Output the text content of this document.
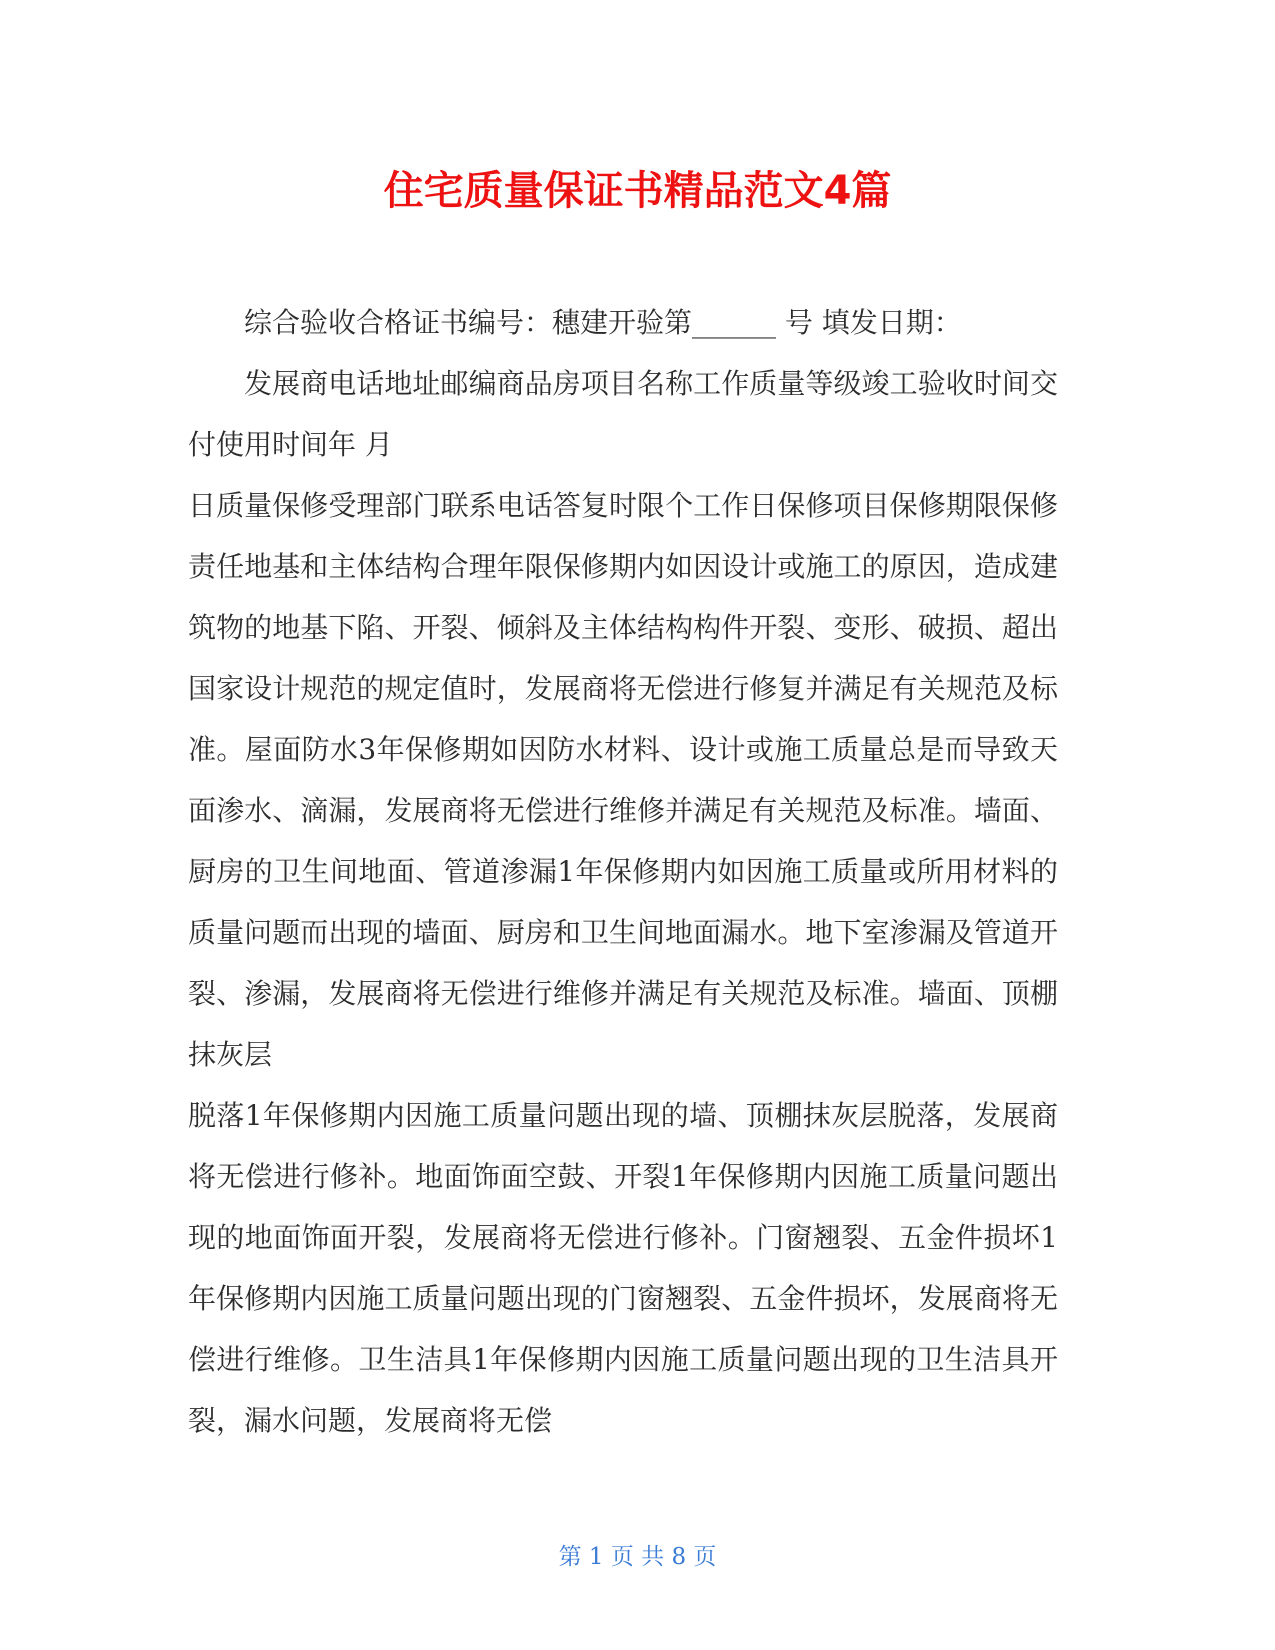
住宅质量保证书精品范文4篇

综合验收合格证书编号：穗建开验第______ 号 填发日期：

发展商电话地址邮编商品房项目名称工作质量等级竣工验收时间交付使用时间年 月

日质量保修受理部门联系电话答复时限个工作日保修项目保修期限保修责任地基和主体结构合理年限保修期内如因设计或施工的原因，造成建筑物的地基下陷、开裂、倾斜及主体结构构件开裂、变形、破损、超出国家设计规范的规定值时，发展商将无偿进行修复并满足有关规范及标准。屋面防水3年保修期如因防水材料、设计或施工质量总是而导致天面渗水、滴漏，发展商将无偿进行维修并满足有关规范及标准。墙面、厨房的卫生间地面、管道渗漏1年保修期内如因施工质量或所用材料的质量问题而出现的墙面、厨房和卫生间地面漏水。地下室渗漏及管道开裂、渗漏，发展商将无偿进行维修并满足有关规范及标准。墙面、顶棚抹灰层

脱落1年保修期内因施工质量问题出现的墙、顶棚抹灰层脱落，发展商将无偿进行修补。地面饰面空鼓、开裂1年保修期内因施工质量问题出现的地面饰面开裂，发展商将无偿进行修补。门窗翘裂、五金件损坏1年保修期内因施工质量问题出现的门窗翘裂、五金件损坏，发展商将无偿进行维修。卫生洁具1年保修期内因施工质量问题出现的卫生洁具开裂，漏水问题，发展商将无偿

第 1 页 共 8 页
